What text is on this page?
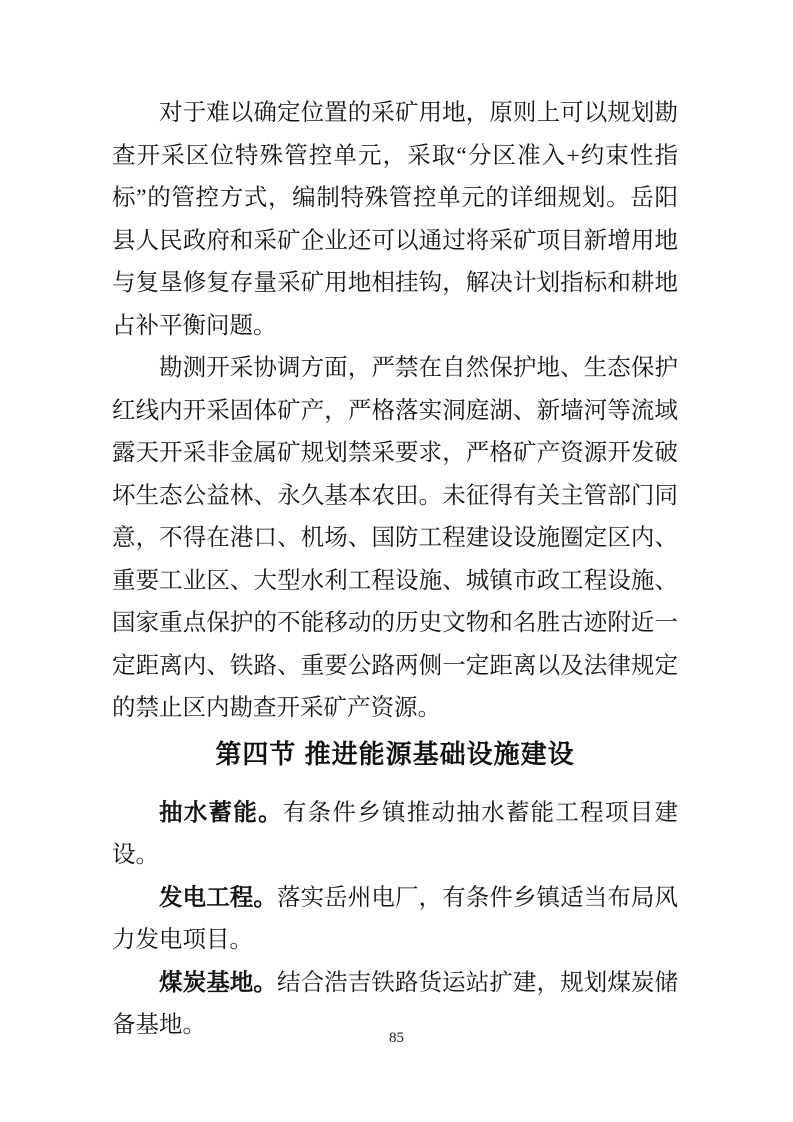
对于难以确定位置的采矿用地，原则上可以规划勘查开采区位特殊管控单元，采取“分区准入+约束性指标”的管控方式，编制特殊管控单元的详细规划。岳阳县人民政府和采矿企业还可以通过将采矿项目新增用地与复垦修复存量采矿用地相挂钩，解决计划指标和耕地占补平衡问题。

勘测开采协调方面，严禁在自然保护地、生态保护红线内开采固体矿产，严格落实洞庭湖、新墙河等流域露天开采非金属矿规划禁采要求，严格矿产资源开发破坏生态公益林、永久基本农田。未征得有关主管部门同意，不得在港口、机场、国防工程建设设施圈定区内、重要工业区、大型水利工程设施、城镇市政工程设施、国家重点保护的不能移动的历史文物和名胜古迹附近一定距离内、铁路、重要公路两侧一定距离以及法律规定的禁止区内勘查开采矿产资源。

第四节 推进能源基础设施建设

抽水蓄能。有条件乡镇推动抽水蓄能工程项目建设。

发电工程。落实岳州电厂，有条件乡镇适当布局风力发电项目。

煤炭基地。结合浩吉铁路货运站扩建，规划煤炭储备基地。	85
